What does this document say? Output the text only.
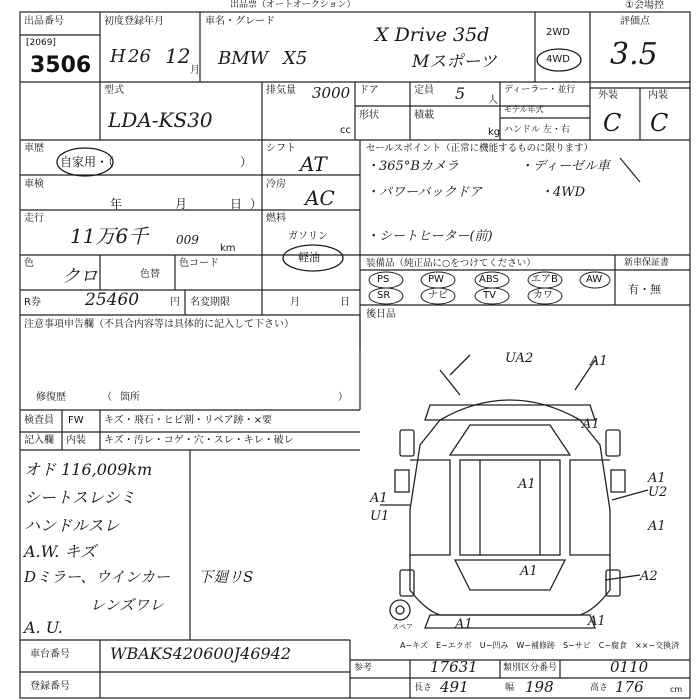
出品票（オートオークション）	①会場控
出品番号
[2069]
3506
初度登録年月
H 26 12
月
車名・グレード
BMW X5
X Drive 35d
Mスポーツ
2WD
4WD
評価点
3.5
外装	内装
C C
型式
LDA-KS30
排気量 3000
cc
ドア	定員 5 人
形状	積載
kg
ディーラー・並行
モデル年式
ハンドル 左・右
車歴
自家用・（	）
シフト
AT
セールスポイント（正常に機能するものに限ります）
・365°Bカメラ	・ディーゼル車
・パワーバックドア	・4WD
・シートヒーター(前)
車検
年	月	日 ）
冷房
AC
走行
11万6千 009
km
燃料
ガソリン
軽油
色
クロ	色替
色コード
R券	25460	円 名変期限	月	日
装備品（純正品に○をつけてください）
PS	PW	ABS	エアB	AW
SR	ナビ	TV	カワ
新車保証書
有・無
後日品
注意事項申告欄（不具合内容等は具体的に記入して下さい）
修復歴	（ 箇所	）
検査員
記入欄
FW キズ・飛石・ヒビ割・リペア跡・×要
内装 キズ・汚レ・コゲ・穴・スレ・キレ・破レ
オド 116,009km
シートスレシミ
ハンドルスレ
A.W. キズ
Dミラー、ウインカー
レンズワレ
A. U.
下廻リS
UA2	A1
A1
A1
A1
U1
A1
U2
A1
A1	A2
A1
A1
スペア
A−キズ　E−エクボ　U−凹み　W−補修跡　S−サビ　C−腐食　××−交換済
車台番号	WBAKS420600J46942
登録番号
参考	17631	類別区分番号	0110
長さ 491	幅 198	高さ 176	cm
